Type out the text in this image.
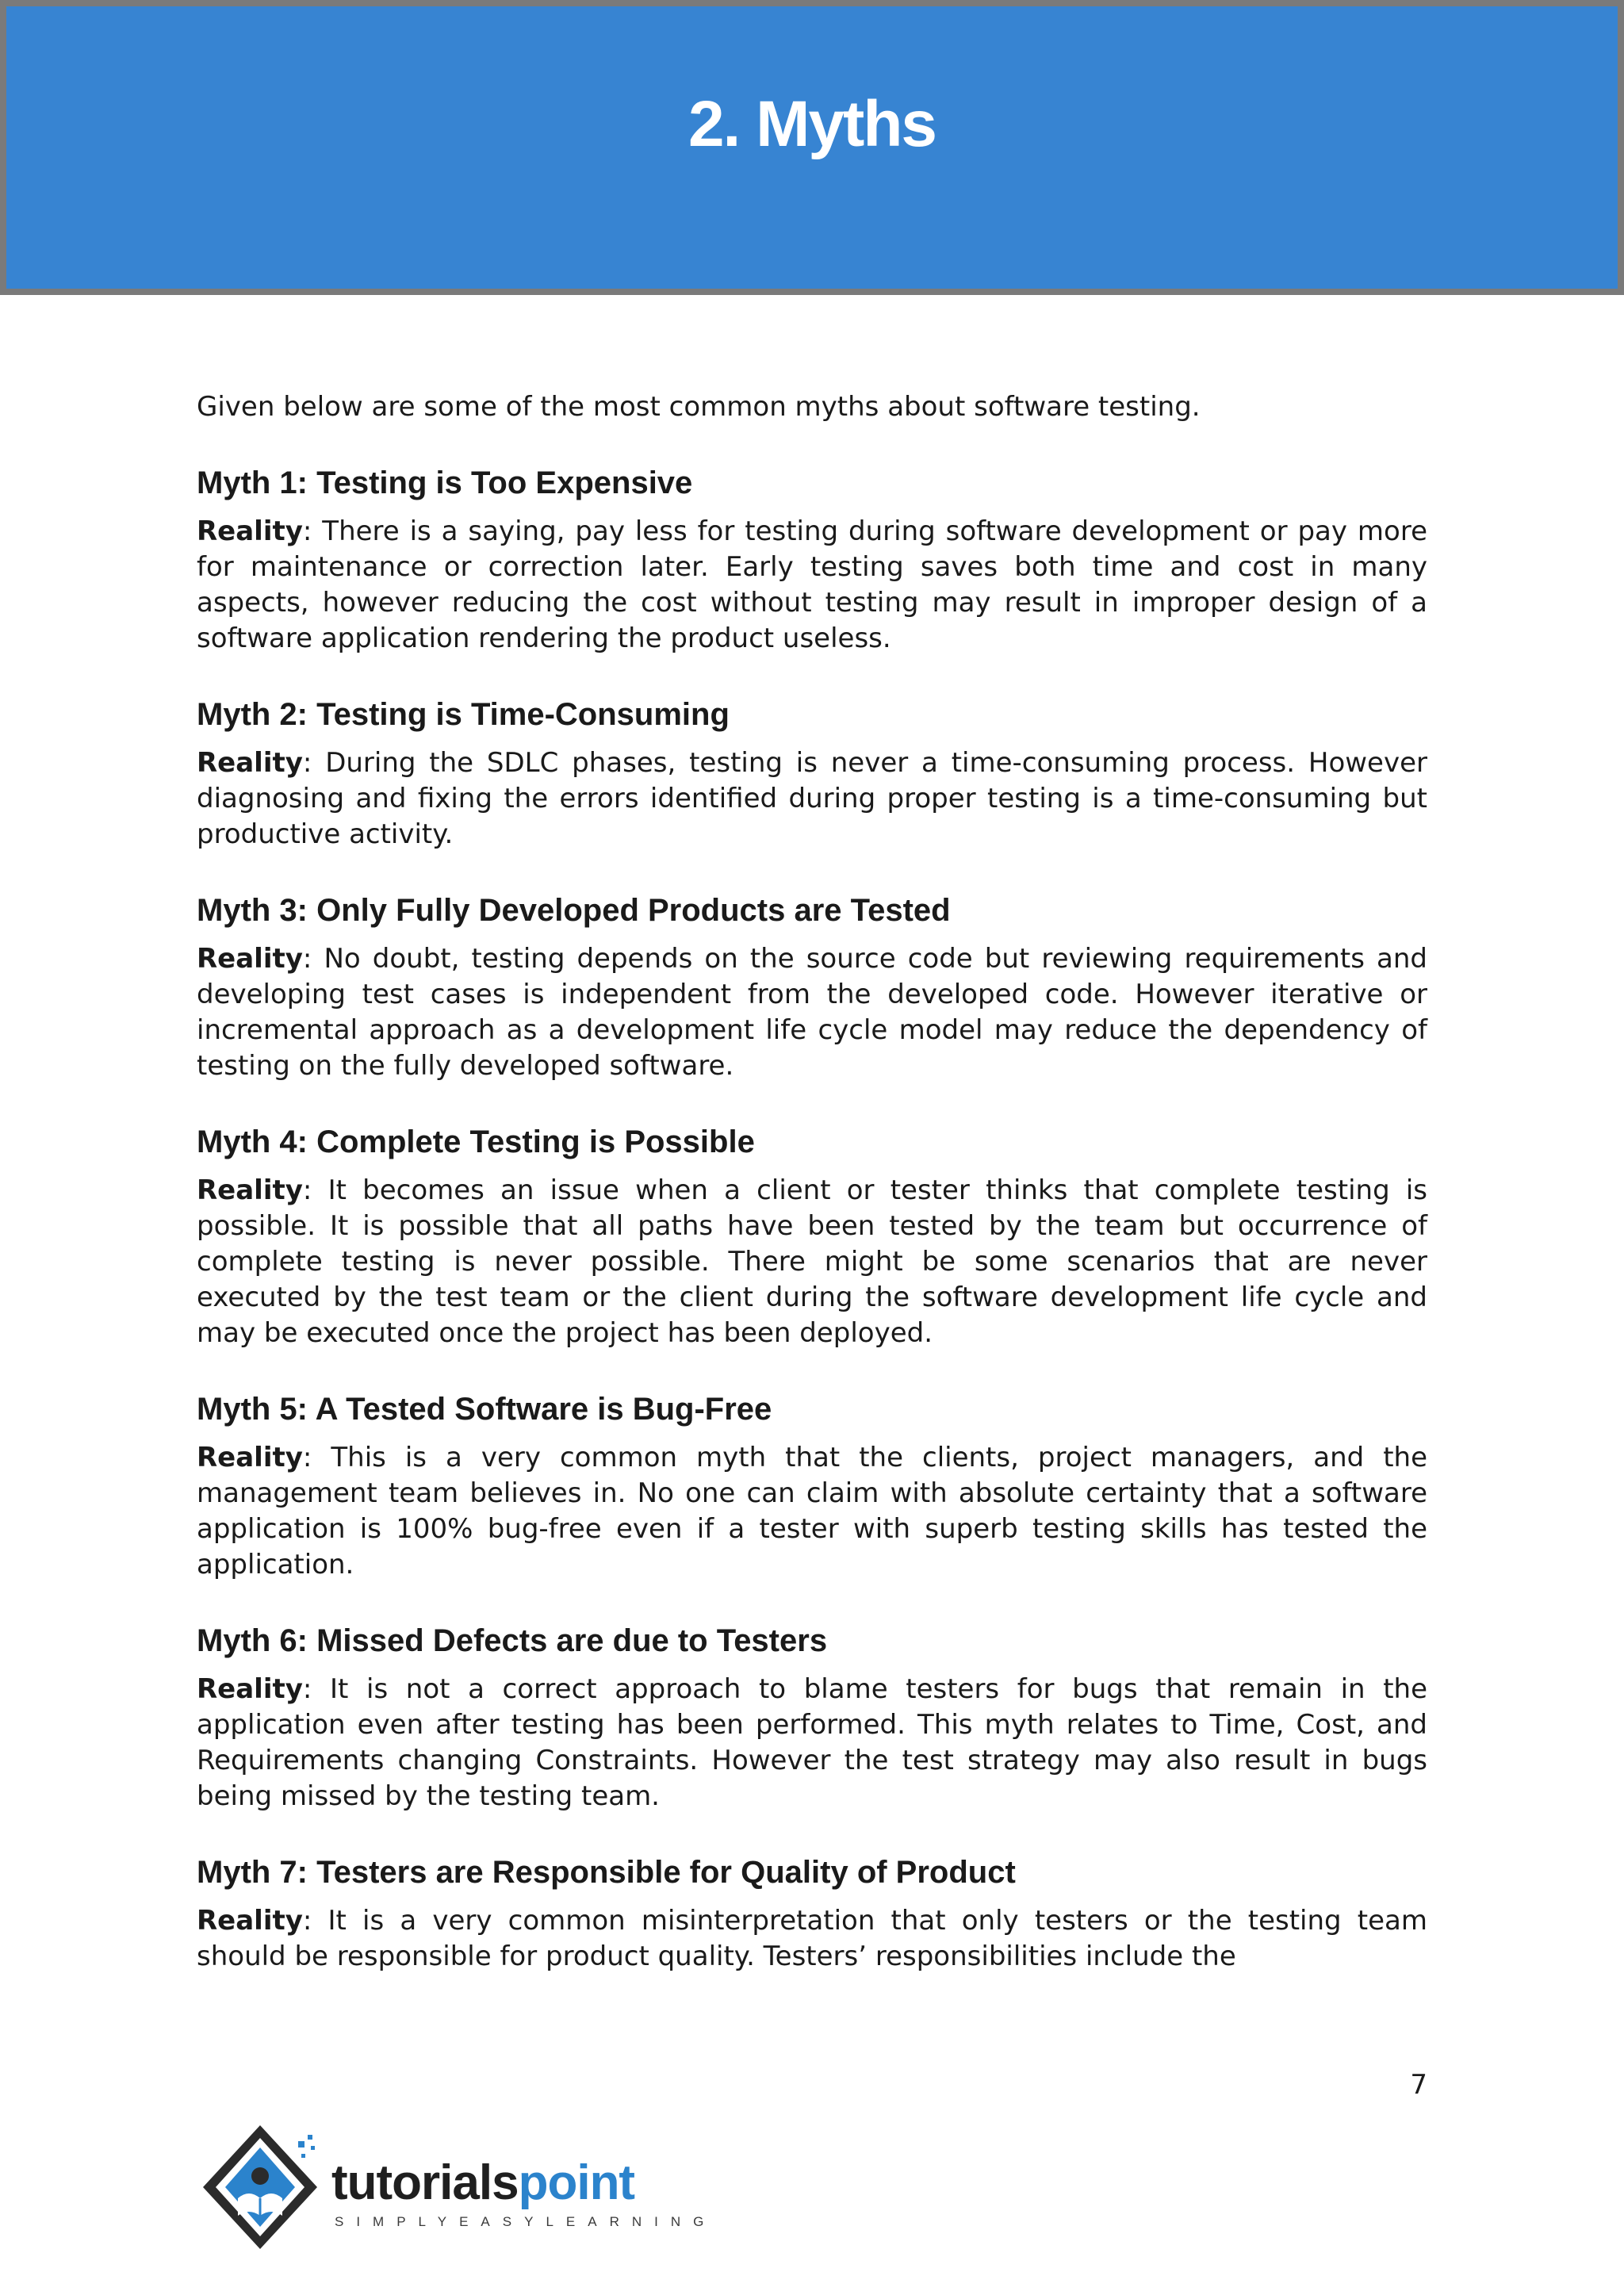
2. Myths

Given below are some of the most common myths about software testing.

Myth 1: Testing is Too Expensive

Reality: There is a saying, pay less for testing during software development or pay more for maintenance or correction later. Early testing saves both time and cost in many aspects, however reducing the cost without testing may result in improper design of a software application rendering the product useless.

Myth 2: Testing is Time-Consuming

Reality: During the SDLC phases, testing is never a time-consuming process. However diagnosing and fixing the errors identified during proper testing is a time-consuming but productive activity.

Myth 3: Only Fully Developed Products are Tested

Reality: No doubt, testing depends on the source code but reviewing requirements and developing test cases is independent from the developed code. However iterative or incremental approach as a development life cycle model may reduce the dependency of testing on the fully developed software.

Myth 4: Complete Testing is Possible

Reality: It becomes an issue when a client or tester thinks that complete testing is possible. It is possible that all paths have been tested by the team but occurrence of complete testing is never possible. There might be some scenarios that are never executed by the test team or the client during the software development life cycle and may be executed once the project has been deployed.

Myth 5: A Tested Software is Bug-Free

Reality: This is a very common myth that the clients, project managers, and the management team believes in. No one can claim with absolute certainty that a software application is 100% bug-free even if a tester with superb testing skills has tested the application.

Myth 6: Missed Defects are due to Testers

Reality: It is not a correct approach to blame testers for bugs that remain in the application even after testing has been performed. This myth relates to Time, Cost, and Requirements changing Constraints. However the test strategy may also result in bugs being missed by the testing team.

Myth 7: Testers are Responsible for Quality of Product

Reality: It is a very common misinterpretation that only testers or the testing team should be responsible for product quality. Testers’ responsibilities include the

7
tutorialspoint
SIMPLYEASYLEARNING
